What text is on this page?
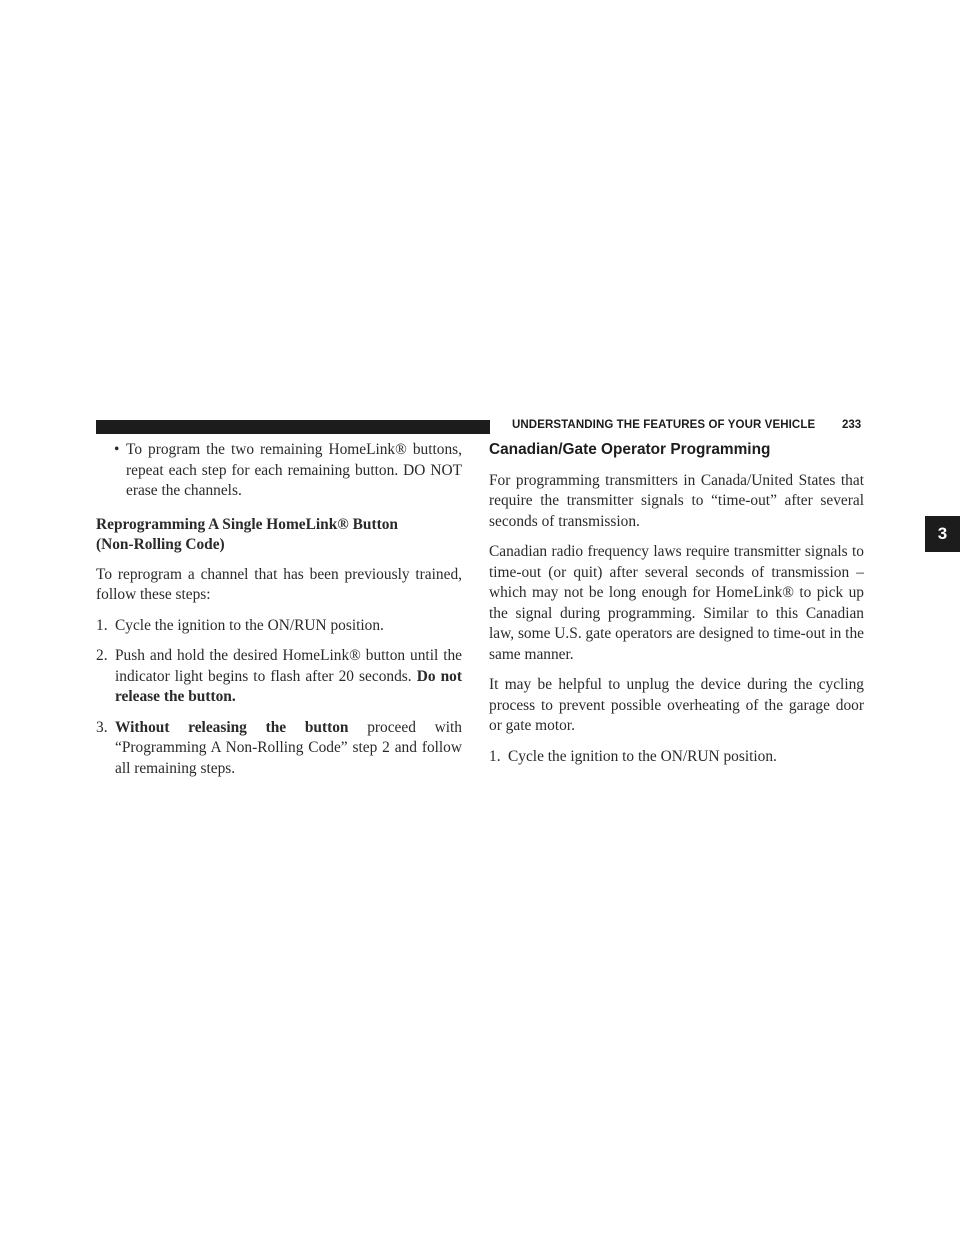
UNDERSTANDING THE FEATURES OF YOUR VEHICLE 233
3

• To program the two remaining HomeLink® buttons, repeat each step for each remaining button. DO NOT erase the channels.

Reprogramming A Single HomeLink® Button
(Non-Rolling Code)

To reprogram a channel that has been previously trained, follow these steps:

1. Cycle the ignition to the ON/RUN position.

2. Push and hold the desired HomeLink® button until the indicator light begins to flash after 20 seconds. Do not release the button.

3. Without releasing the button proceed with “Programming A Non-Rolling Code” step 2 and follow all remaining steps.

Canadian/Gate Operator Programming

For programming transmitters in Canada/United States that require the transmitter signals to “time-out” after several seconds of transmission.

Canadian radio frequency laws require transmitter signals to time-out (or quit) after several seconds of transmission – which may not be long enough for HomeLink® to pick up the signal during programming. Similar to this Canadian law, some U.S. gate operators are designed to time-out in the same manner.

It may be helpful to unplug the device during the cycling process to prevent possible overheating of the garage door or gate motor.

1. Cycle the ignition to the ON/RUN position.
